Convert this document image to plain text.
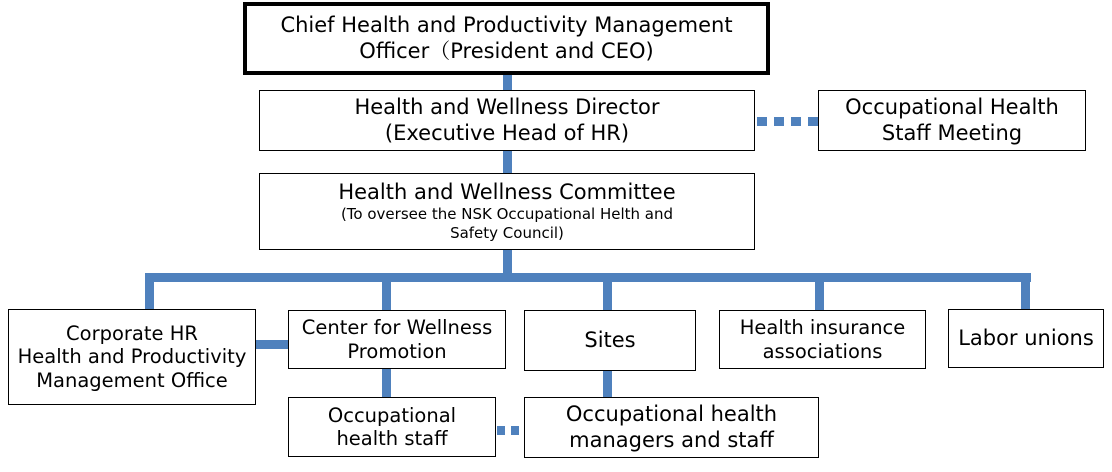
Chief Health and Productivity Management
Officer（President and CEO)
Health and Wellness Director
(Executive Head of HR)
Occupational Health
Staff Meeting
Health and Wellness Committee
(To oversee the NSK Occupational Helth and
Safety Council)
Corporate HR
Health and Productivity
Management Office
Center for Wellness
Promotion	Sites
Health insurance
associations
Labor unions
Occupational
health staff
Occupational health
managers and staff
